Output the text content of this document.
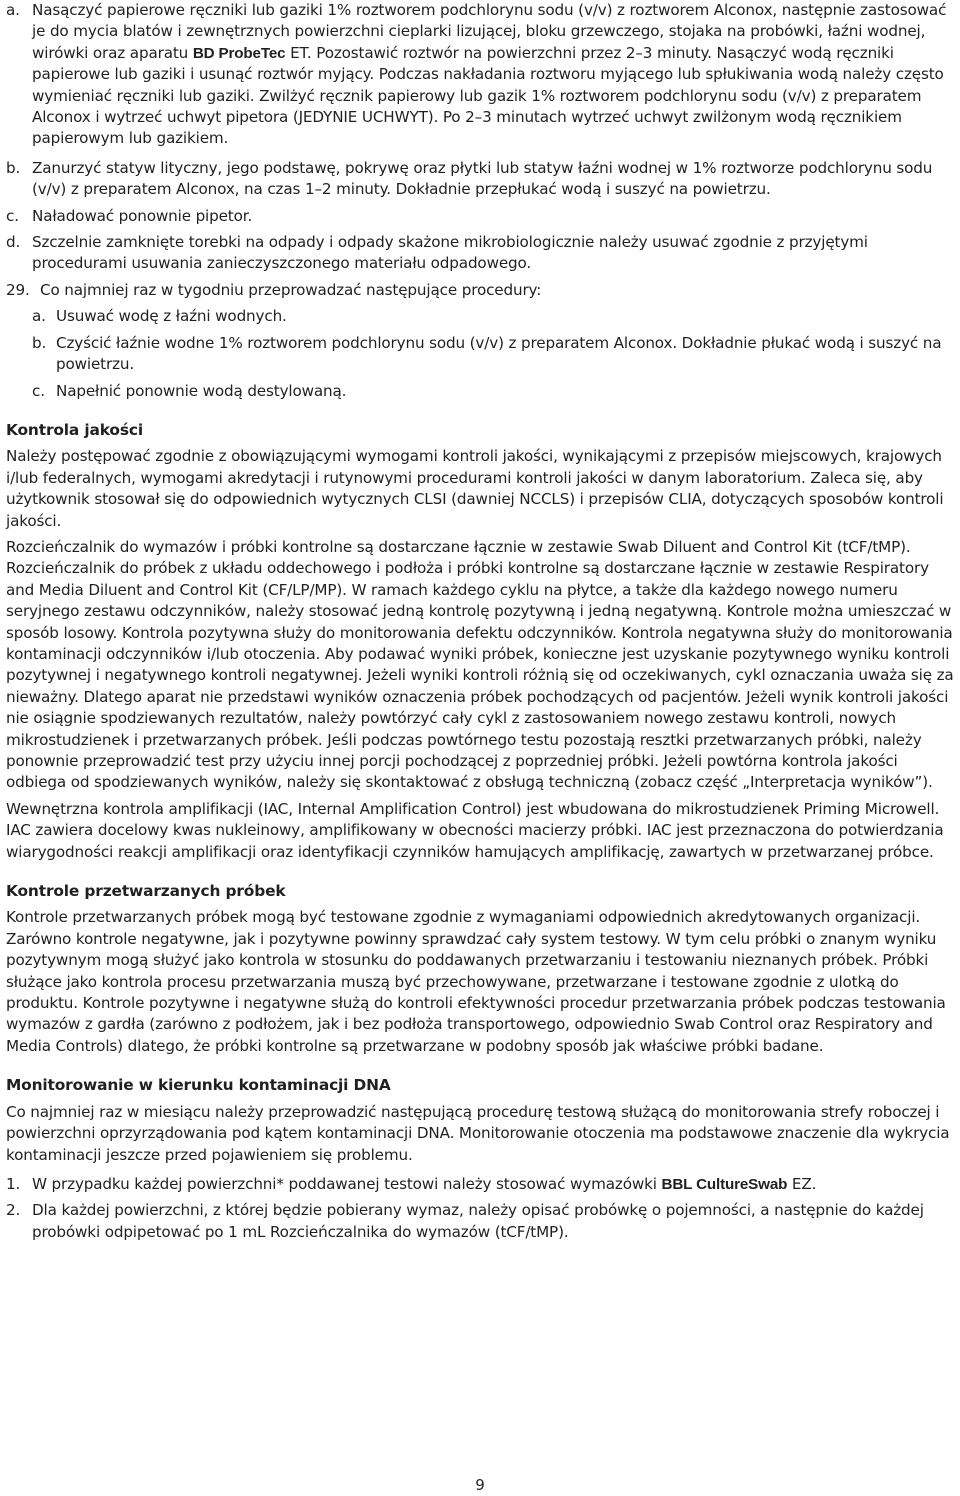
a. Nasączyć papierowe ręczniki lub gaziki 1% roztworem podchlorynu sodu (v/v) z roztworem Alconox, następnie zastosować je do mycia blatów i zewnętrznych powierzchni cieplarki lizującej, bloku grzewczego, stojaka na probówki, łaźni wodnej, wirówki oraz aparatu BD ProbeTec ET. Pozostawić roztwór na powierzchni przez 2–3 minuty. Nasączyć wodą ręczniki papierowe lub gaziki i usunąć roztwór myjący. Podczas nakładania roztworu myjącego lub spłukiwania wodą należy często wymieniać ręczniki lub gaziki. Zwilżyć ręcznik papierowy lub gazik 1% roztworem podchlorynu sodu (v/v) z preparatem Alconox i wytrzeć uchwyt pipetora (JEDYNIE UCHWYT). Po 2–3 minutach wytrzeć uchwyt zwilżonym wodą ręcznikiem papierowym lub gazikiem.
b. Zanurzyć statyw lityczny, jego podstawę, pokrywę oraz płytki lub statyw łaźni wodnej w 1% roztworze podchlorynu sodu (v/v) z preparatem Alconox, na czas 1–2 minuty. Dokładnie przepłukać wodą i suszyć na powietrzu.
c. Naładować ponownie pipetor.
d. Szczelnie zamknięte torebki na odpady i odpady skażone mikrobiologicznie należy usuwać zgodnie z przyjętymi procedurami usuwania zanieczyszczonego materiału odpadowego.
29. Co najmniej raz w tygodniu przeprowadzać następujące procedury:
a. Usuwać wodę z łaźni wodnych.
b. Czyścić łaźnie wodne 1% roztworem podchlorynu sodu (v/v) z preparatem Alconox. Dokładnie płukać wodą i suszyć na powietrzu.
c. Napełnić ponownie wodą destylowaną.
Kontrola jakości

Należy postępować zgodnie z obowiązującymi wymogami kontroli jakości, wynikającymi z przepisów miejscowych, krajowych i/lub federalnych, wymogami akredytacji i rutynowymi procedurami kontroli jakości w danym laboratorium. Zaleca się, aby użytkownik stosował się do odpowiednich wytycznych CLSI (dawniej NCCLS) i przepisów CLIA, dotyczących sposobów kontroli jakości.

Rozcieńczalnik do wymazów i próbki kontrolne są dostarczane łącznie w zestawie Swab Diluent and Control Kit (tCF/tMP). Rozcieńczalnik do próbek z układu oddechowego i podłoża i próbki kontrolne są dostarczane łącznie w zestawie Respiratory and Media Diluent and Control Kit (CF/LP/MP). W ramach każdego cyklu na płytce, a także dla każdego nowego numeru seryjnego zestawu odczynników, należy stosować jedną kontrolę pozytywną i jedną negatywną. Kontrole można umieszczać w sposób losowy. Kontrola pozytywna służy do monitorowania defektu odczynników. Kontrola negatywna służy do monitorowania kontaminacji odczynników i/lub otoczenia. Aby podawać wyniki próbek, konieczne jest uzyskanie pozytywnego wyniku kontroli pozytywnej i negatywnego kontroli negatywnej. Jeżeli wyniki kontroli różnią się od oczekiwanych, cykl oznaczania uważa się za nieważny. Dlatego aparat nie przedstawi wyników oznaczenia próbek pochodzących od pacjentów. Jeżeli wynik kontroli jakości nie osiągnie spodziewanych rezultatów, należy powtórzyć cały cykl z zastosowaniem nowego zestawu kontroli, nowych mikrostudzienek i przetwarzanych próbek. Jeśli podczas powtórnego testu pozostają resztki przetwarzanych próbki, należy ponownie przeprowadzić test przy użyciu innej porcji pochodzącej z poprzedniej próbki. Jeżeli powtórna kontrola jakości odbiega od spodziewanych wyników, należy się skontaktować z obsługą techniczną (zobacz część „Interpretacja wyników”).

Wewnętrzna kontrola amplifikacji (IAC, Internal Amplification Control) jest wbudowana do mikrostudzienek Priming Microwell. IAC zawiera docelowy kwas nukleinowy, amplifikowany w obecności macierzy próbki. IAC jest przeznaczona do potwierdzania wiarygodności reakcji amplifikacji oraz identyfikacji czynników hamujących amplifikację, zawartych w przetwarzanej próbce.

Kontrole przetwarzanych próbek

Kontrole przetwarzanych próbek mogą być testowane zgodnie z wymaganiami odpowiednich akredytowanych organizacji. Zarówno kontrole negatywne, jak i pozytywne powinny sprawdzać cały system testowy. W tym celu próbki o znanym wyniku pozytywnym mogą służyć jako kontrola w stosunku do poddawanych przetwarzaniu i testowaniu nieznanych próbek. Próbki służące jako kontrola procesu przetwarzania muszą być przechowywane, przetwarzane i testowane zgodnie z ulotką do produktu. Kontrole pozytywne i negatywne służą do kontroli efektywności procedur przetwarzania próbek podczas testowania wymazów z gardła (zarówno z podłożem, jak i bez podłoża transportowego, odpowiednio Swab Control oraz Respiratory and Media Controls) dlatego, że próbki kontrolne są przetwarzane w podobny sposób jak właściwe próbki badane.

Monitorowanie w kierunku kontaminacji DNA

Co najmniej raz w miesiącu należy przeprowadzić następującą procedurę testową służącą do monitorowania strefy roboczej i powierzchni oprzyrządowania pod kątem kontaminacji DNA. Monitorowanie otoczenia ma podstawowe znaczenie dla wykrycia kontaminacji jeszcze przed pojawieniem się problemu.

1. W przypadku każdej powierzchni* poddawanej testowi należy stosować wymazówki BBL CultureSwab EZ.
2. Dla każdej powierzchni, z której będzie pobierany wymaz, należy opisać probówkę o pojemności, a następnie do każdej probówki odpipetować po 1 mL Rozcieńczalnika do wymazów (tCF/tMP).
9
